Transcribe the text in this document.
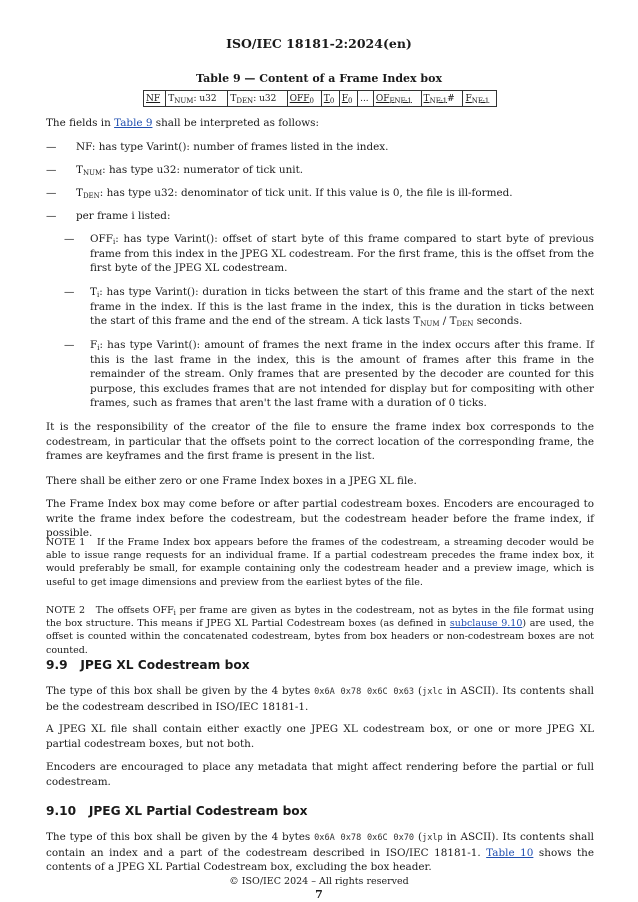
ISO/IEC 18181-2:2024(en)
Table 9 — Content of a Frame Index box
NF	$T_{NUM}$: u32	$T_{DEN}$: u32	$OFF_0$	$T_0$	$F_0$	...	$OF_{FNF-1}$	$T_{NF-1}\#$	$F_{NF-1}$
The fields in Table 9 shall be interpreted as follows:
— NF: has type Varint(): number of frames listed in the index.
— $T_{NUM}$: has type u32: numerator of tick unit.
— $T_{DEN}$: has type u32: denominator of tick unit. If this value is 0, the file is ill-formed.
— per frame i listed:
— $OFF_i$: has type Varint(): offset of start byte of this frame compared to start byte of previous frame from this index in the JPEG XL codestream. For the first frame, this is the offset from the first byte of the JPEG XL codestream.
— $T_i$: has type Varint(): duration in ticks between the start of this frame and the start of the next frame in the index. If this is the last frame in the index, this is the duration in ticks between the start of this frame and the end of the stream. A tick lasts $T_{NUM} / T_{DEN}$ seconds.
— $F_i$: has type Varint(): amount of frames the next frame in the index occurs after this frame. If this is the last frame in the index, this is the amount of frames after this frame in the remainder of the stream. Only frames that are presented by the decoder are counted for this purpose, this excludes frames that are not intended for display but for compositing with other frames, such as frames that aren't the last frame with a duration of 0 ticks.
It is the responsibility of the creator of the file to ensure the frame index box corresponds to the codestream, in particular that the offsets point to the correct location of the corresponding frame, the frames are keyframes and the first frame is present in the list.
There shall be either zero or one Frame Index boxes in a JPEG XL file.
The Frame Index box may come before or after partial codestream boxes. Encoders are encouraged to write the frame index before the codestream, but the codestream header before the frame index, if possible.
NOTE 1 If the Frame Index box appears before the frames of the codestream, a streaming decoder would be able to issue range requests for an individual frame. If a partial codestream precedes the frame index box, it would preferably be small, for example containing only the codestream header and a preview image, which is useful to get image dimensions and preview from the earliest bytes of the file.
NOTE 2 The offsets $OFF_i$ per frame are given as bytes in the codestream, not as bytes in the file format using the box structure. This means if JPEG XL Partial Codestream boxes (as defined in subclause 9.10) are used, the offset is counted within the concatenated codestream, bytes from box headers or non-codestream boxes are not counted.
9.9 JPEG XL Codestream box
The type of this box shall be given by the 4 bytes 0x6A 0x78 0x6C 0x63 (jxlc in ASCII). Its contents shall be the codestream described in ISO/IEC 18181-1.
A JPEG XL file shall contain either exactly one JPEG XL codestream box, or one or more JPEG XL partial codestream boxes, but not both.
Encoders are encouraged to place any metadata that might affect rendering before the partial or full codestream.
9.10 JPEG XL Partial Codestream box
The type of this box shall be given by the 4 bytes 0x6A 0x78 0x6C 0x70 (jxlp in ASCII). Its contents shall contain an index and a part of the codestream described in ISO/IEC 18181-1. Table 10 shows the contents of a JPEG XL Partial Codestream box, excluding the box header.
© ISO/IEC 2024 – All rights reserved
7
